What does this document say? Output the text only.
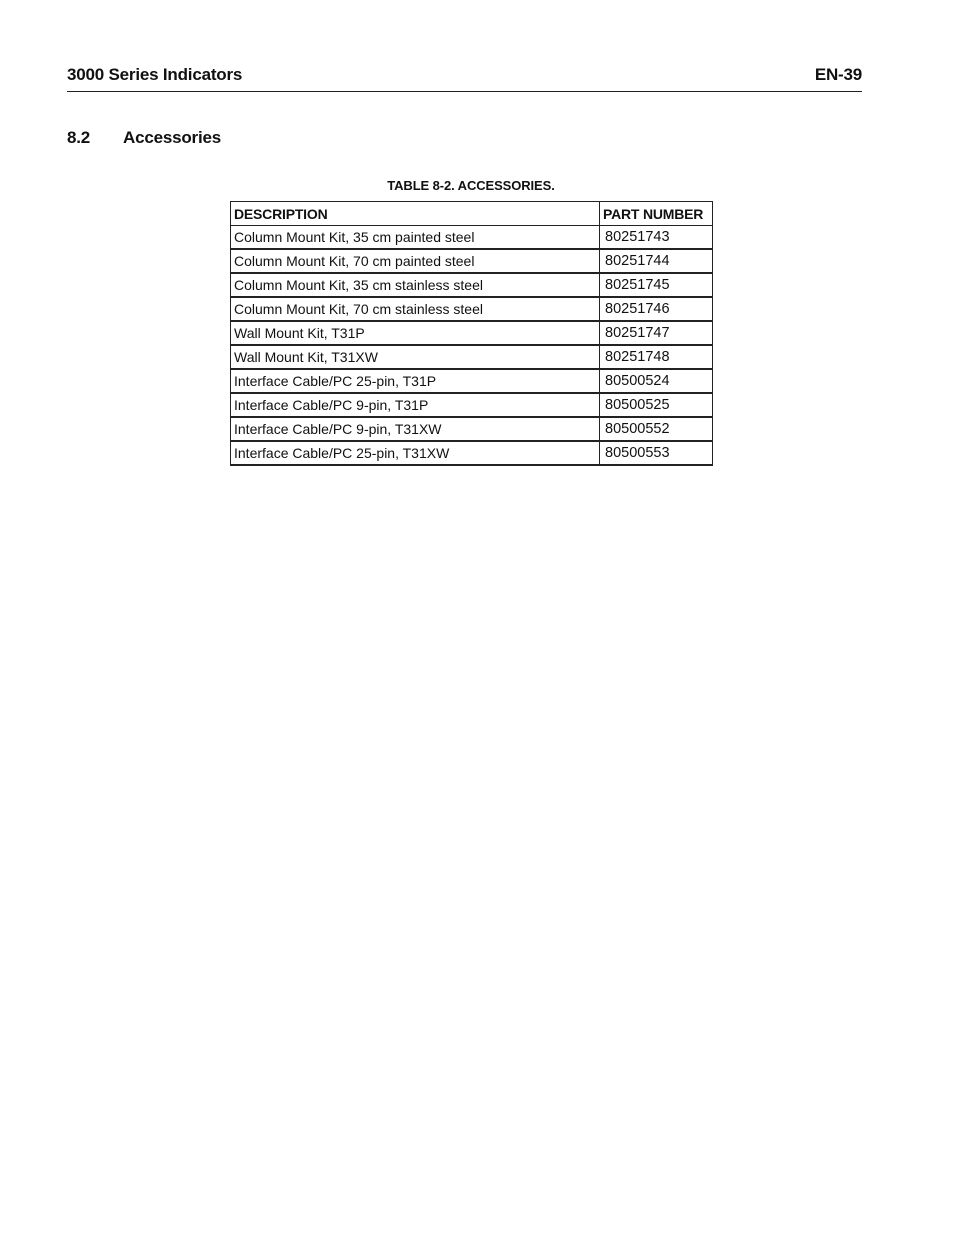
3000 Series Indicators	EN-39
8.2 Accessories
TABLE 8-2. ACCESSORIES.
DESCRIPTION	PART NUMBER
Column Mount Kit, 35 cm painted steel	80251743
Column Mount Kit, 70 cm painted steel	80251744
Column Mount Kit, 35 cm stainless steel	80251745
Column Mount Kit, 70 cm stainless steel	80251746
Wall Mount Kit, T31P	80251747
Wall Mount Kit, T31XW	80251748
Interface Cable/PC 25-pin, T31P	80500524
Interface Cable/PC 9-pin, T31P	80500525
Interface Cable/PC 9-pin, T31XW	80500552
Interface Cable/PC 25-pin, T31XW	80500553
